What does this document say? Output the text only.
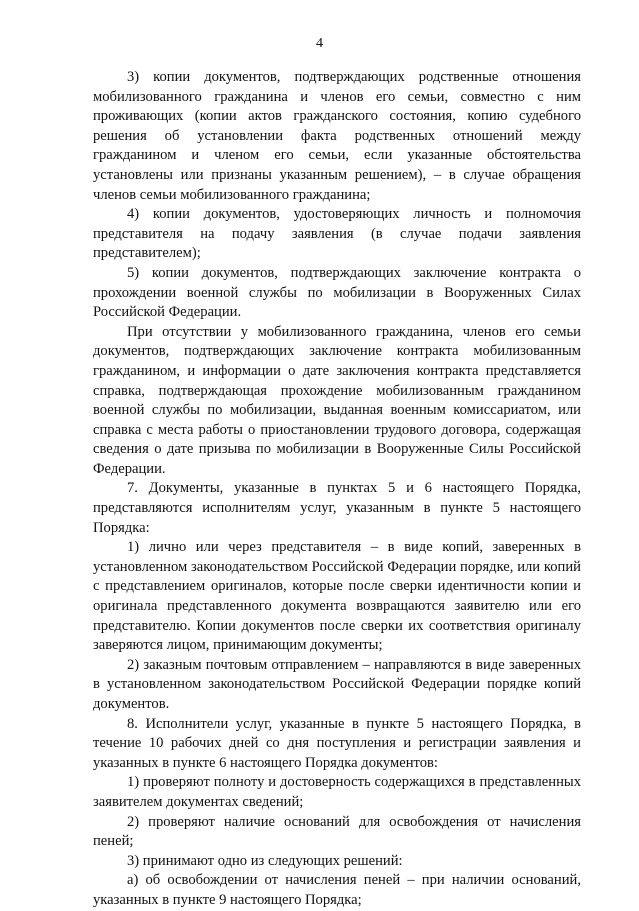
4

3) копии документов, подтверждающих родственные отношения мобилизованного гражданина и членов его семьи, совместно с ним проживающих (копии актов гражданского состояния, копию судебного решения об установлении факта родственных отношений между гражданином и членом его семьи, если указанные обстоятельства установлены или признаны указанным решением), – в случае обращения членов семьи мобилизованного гражданина;

4) копии документов, удостоверяющих личность и полномочия представителя на подачу заявления (в случае подачи заявления представителем);

5) копии документов, подтверждающих заключение контракта о прохождении военной службы по мобилизации в Вооруженных Силах Российской Федерации.

При отсутствии у мобилизованного гражданина, членов его семьи документов, подтверждающих заключение контракта мобилизованным гражданином, и информации о дате заключения контракта представляется справка, подтверждающая прохождение мобилизованным гражданином военной службы по мобилизации, выданная военным комиссариатом, или справка с места работы о приостановлении трудового договора, содержащая сведения о дате призыва по мобилизации в Вооруженные Силы Российской Федерации.

7. Документы, указанные в пунктах 5 и 6 настоящего Порядка, представляются исполнителям услуг, указанным в пункте 5 настоящего Порядка:

1) лично или через представителя – в виде копий, заверенных в установленном законодательством Российской Федерации порядке, или копий с представлением оригиналов, которые после сверки идентичности копии и оригинала представленного документа возвращаются заявителю или его представителю. Копии документов после сверки их соответствия оригиналу заверяются лицом, принимающим документы;

2) заказным почтовым отправлением – направляются в виде заверенных в установленном законодательством Российской Федерации порядке копий документов.

8. Исполнители услуг, указанные в пункте 5 настоящего Порядка, в течение 10 рабочих дней со дня поступления и регистрации заявления и указанных в пункте 6 настоящего Порядка документов:

1) проверяют полноту и достоверность содержащихся в представленных заявителем документах сведений;

2) проверяют наличие оснований для освобождения от начисления пеней;

3) принимают одно из следующих решений:

а) об освобождении от начисления пеней – при наличии оснований, указанных в пункте 9 настоящего Порядка;
